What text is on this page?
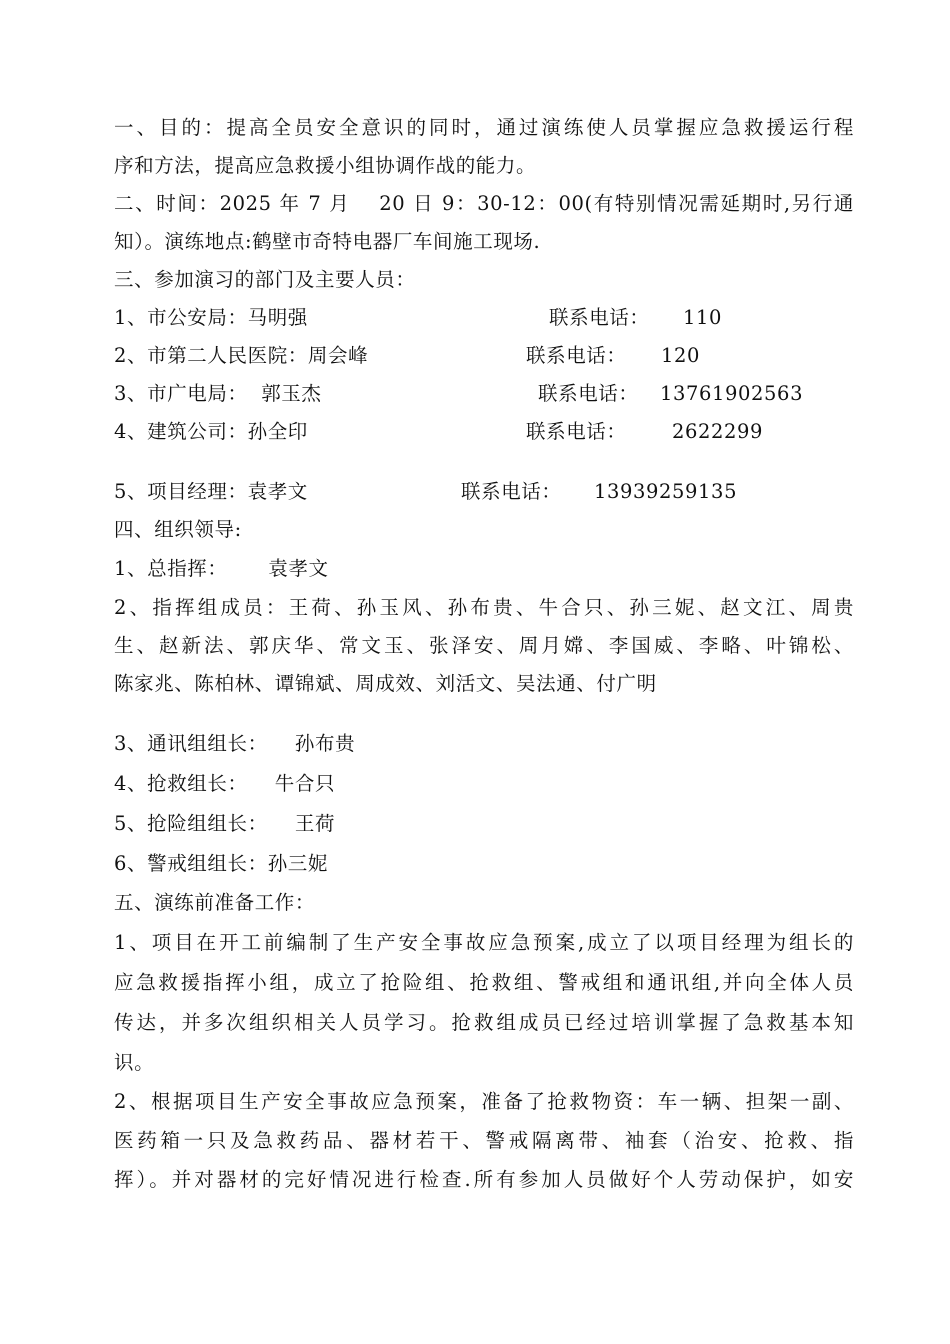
一、目的：提高全员安全意识的同时，通过演练使人员掌握应急救援运行程
序和方法，提高应急救援小组协调作战的能力。
二、时间：2025 年 7 月　 20 日 9：30-12：00(有特别情况需延期时,另行通
知）。演练地点:鹤壁市奇特电器厂车间施工现场.
三、参加演习的部门及主要人员：
1、市公安局：马明强	联系电话： 110
2、市第二人民医院：周会峰	联系电话： 120
3、市广电局：  郭玉杰	联系电话： 13761902563
4、建筑公司：孙全印	联系电话： 2622299
5、项目经理：袁孝文	联系电话： 13939259135
四、组织领导:
1、总指挥：      袁孝文
2、指挥组成员：王荷、孙玉风、孙布贵、牛合只、孙三妮、赵文江、周贵
生、赵新法、郭庆华、常文玉、张泽安、周月嫦、李国威、李略、叶锦松、
陈家兆、陈柏林、谭锦斌、周成效、刘活文、吴法通、付广明
3、通讯组组长：    孙布贵
4、抢救组长：    牛合只
5、抢险组组长：    王荷
6、警戒组组长：孙三妮
五、演练前准备工作：
1、项目在开工前编制了生产安全事故应急预案,成立了以项目经理为组长的
应急救援指挥小组，成立了抢险组、抢救组、警戒组和通讯组,并向全体人员
传达，并多次组织相关人员学习。抢救组成员已经过培训掌握了急救基本知
识。
2、根据项目生产安全事故应急预案，准备了抢救物资：车一辆、担架一副、
医药箱一只及急救药品、器材若干、警戒隔离带、袖套（治安、抢救、指
挥）。并对器材的完好情况进行检查.所有参加人员做好个人劳动保护，如安
